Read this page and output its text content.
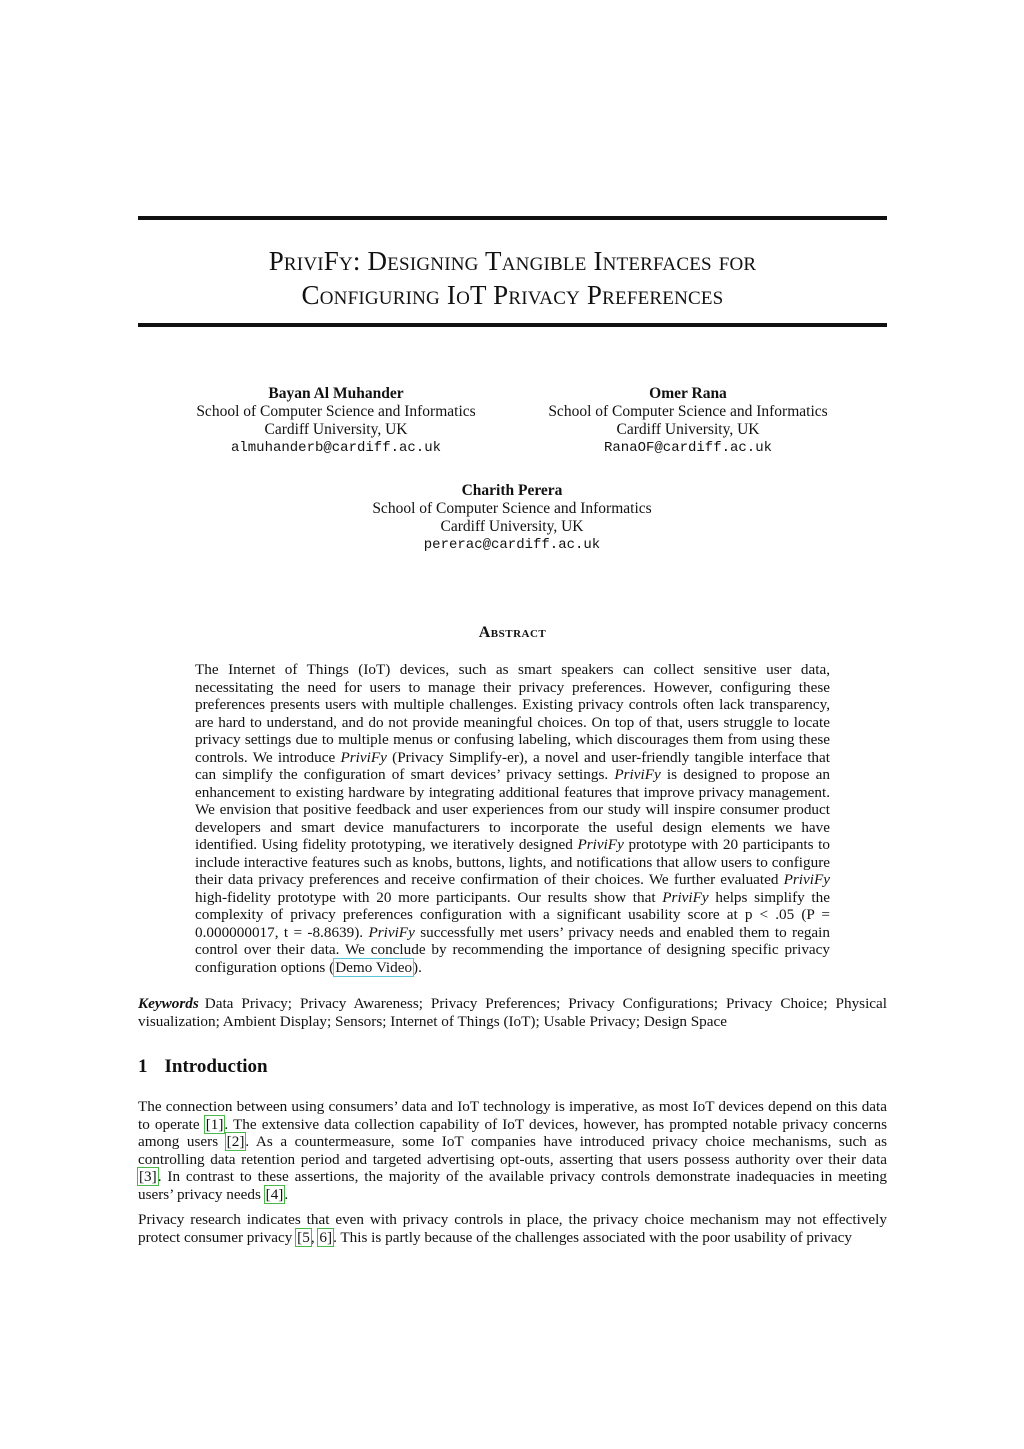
PriviFy: Designing Tangible Interfaces for
Configuring IoT Privacy Preferences
Bayan Al Muhander
School of Computer Science and Informatics
Cardiff University, UK
almuhanderb@cardiff.ac.uk
Omer Rana
School of Computer Science and Informatics
Cardiff University, UK
RanaOF@cardiff.ac.uk
Charith Perera
School of Computer Science and Informatics
Cardiff University, UK
pererac@cardiff.ac.uk
Abstract

The Internet of Things (IoT) devices, such as smart speakers can collect sensitive user data, necessitating the need for users to manage their privacy preferences. However, configuring these preferences presents users with multiple challenges. Existing privacy controls often lack transparency, are hard to understand, and do not provide meaningful choices. On top of that, users struggle to locate privacy settings due to multiple menus or confusing labeling, which discourages them from using these controls. We introduce PriviFy (Privacy Simplify-er), a novel and user-friendly tangible interface that can simplify the configuration of smart devices’ privacy settings. PriviFy is designed to propose an enhancement to existing hardware by integrating additional features that improve privacy management. We envision that positive feedback and user experiences from our study will inspire consumer product developers and smart device manufacturers to incorporate the useful design elements we have identified. Using fidelity prototyping, we iteratively designed PriviFy prototype with 20 participants to include interactive features such as knobs, buttons, lights, and notifications that allow users to configure their data privacy preferences and receive confirmation of their choices. We further evaluated PriviFy high-fidelity prototype with 20 more participants. Our results show that PriviFy helps simplify the complexity of privacy preferences configuration with a significant usability score at p < .05 (P = 0.000000017, t = -8.8639). PriviFy successfully met users’ privacy needs and enabled them to regain control over their data. We conclude by recommending the importance of designing specific privacy configuration options (Demo Video).

Keywords Data Privacy; Privacy Awareness; Privacy Preferences; Privacy Configurations; Privacy Choice; Physical visualization; Ambient Display; Sensors; Internet of Things (IoT); Usable Privacy; Design Space

1 Introduction

The connection between using consumers’ data and IoT technology is imperative, as most IoT devices depend on this data to operate [1]. The extensive data collection capability of IoT devices, however, has prompted notable privacy concerns among users [2]. As a countermeasure, some IoT companies have introduced privacy choice mechanisms, such as controlling data retention period and targeted advertising opt-outs, asserting that users possess authority over their data [3]. In contrast to these assertions, the majority of the available privacy controls demonstrate inadequacies in meeting users’ privacy needs [4].

Privacy research indicates that even with privacy controls in place, the privacy choice mechanism may not effectively protect consumer privacy [5, 6]. This is partly because of the challenges associated with the poor usability of privacy
